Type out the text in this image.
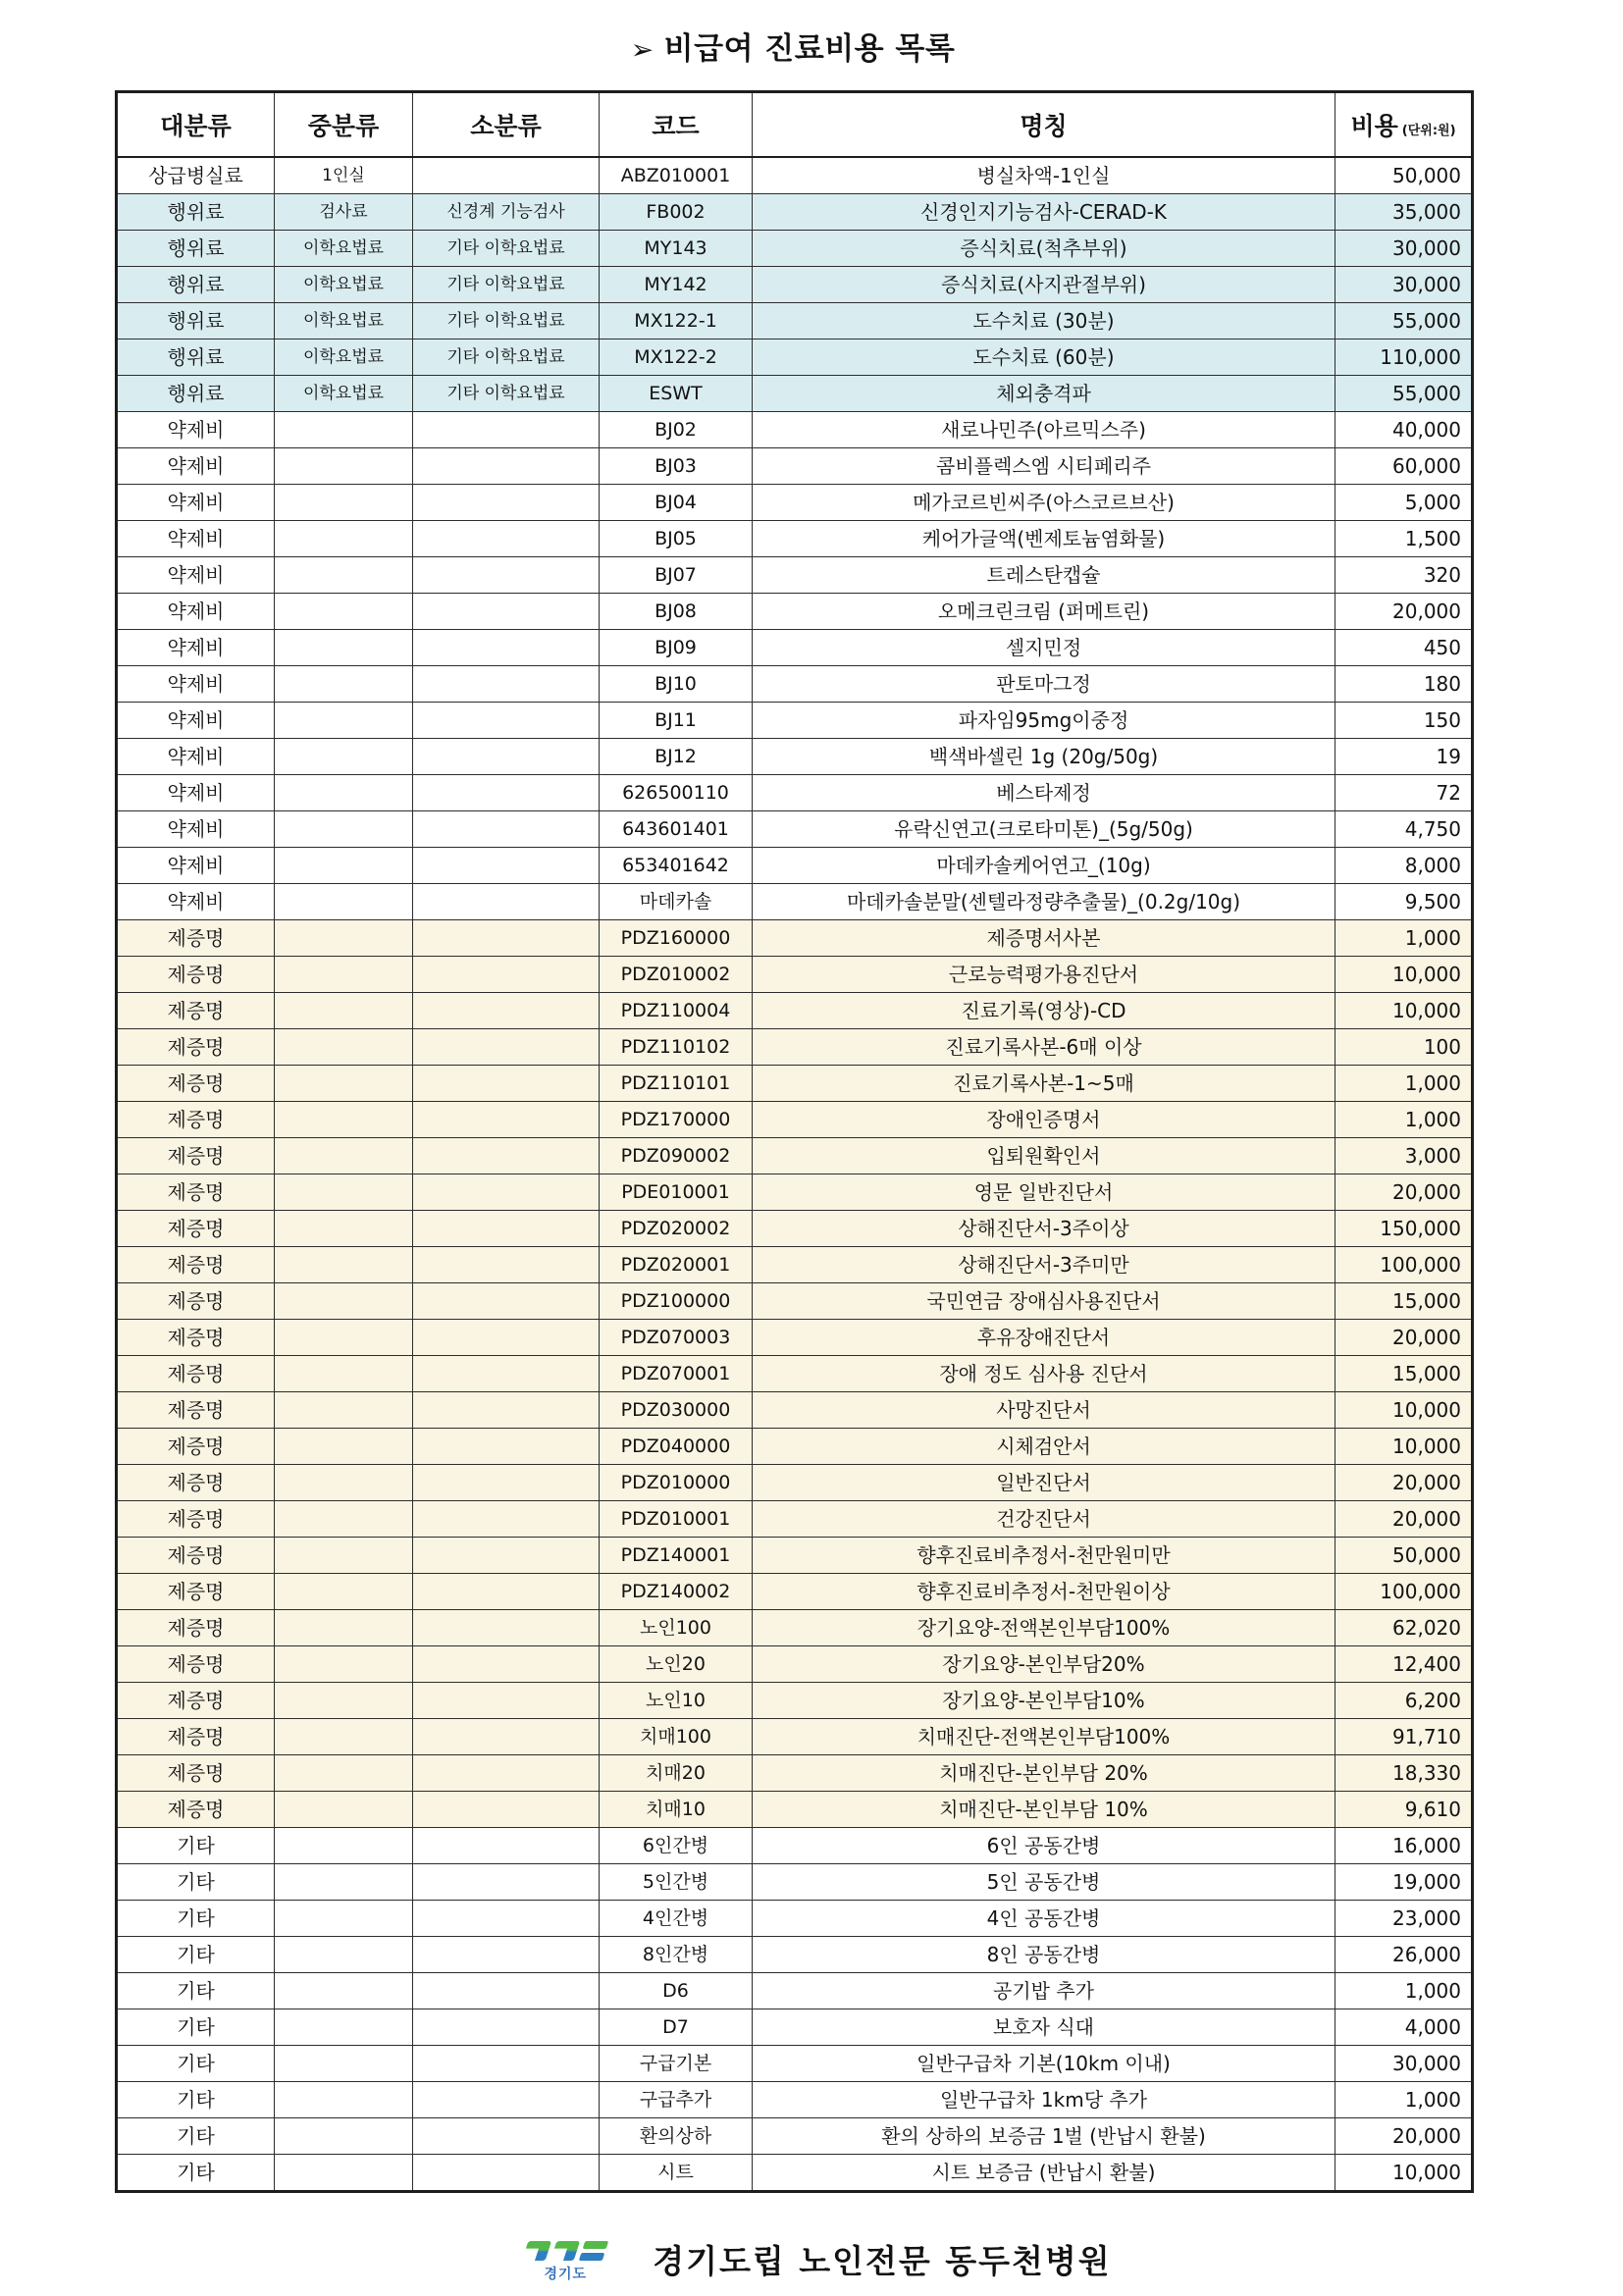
➢ 비급여 진료비용 목록
대분류	중분류	소분류	코드	명칭	비용 (단위:원)
상급병실료	1인실		ABZ010001	병실차액-1인실	50,000
행위료	검사료	신경계 기능검사	FB002	신경인지기능검사-CERAD-K	35,000
행위료	이학요법료	기타 이학요법료	MY143	증식치료(척추부위)	30,000
행위료	이학요법료	기타 이학요법료	MY142	증식치료(사지관절부위)	30,000
행위료	이학요법료	기타 이학요법료	MX122-1	도수치료 (30분)	55,000
행위료	이학요법료	기타 이학요법료	MX122-2	도수치료 (60분)	110,000
행위료	이학요법료	기타 이학요법료	ESWT	체외충격파	55,000
약제비			BJ02	새로나민주(아르믹스주)	40,000
약제비			BJ03	콤비플렉스엠 시티페리주	60,000
약제비			BJ04	메가코르빈씨주(아스코르브산)	5,000
약제비			BJ05	케어가글액(벤제토늄염화물)	1,500
약제비			BJ07	트레스탄캡슐	320
약제비			BJ08	오메크린크림 (퍼메트린)	20,000
약제비			BJ09	셀지민정	450
약제비			BJ10	판토마그정	180
약제비			BJ11	파자임95mg이중정	150
약제비			BJ12	백색바셀린 1g (20g/50g)	19
약제비			626500110	베스타제정	72
약제비			643601401	유락신연고(크로타미톤)_(5g/50g)	4,750
약제비			653401642	마데카솔케어연고_(10g)	8,000
약제비			마데카솔	마데카솔분말(센텔라정량추출물)_(0.2g/10g)	9,500
제증명			PDZ160000	제증명서사본	1,000
제증명			PDZ010002	근로능력평가용진단서	10,000
제증명			PDZ110004	진료기록(영상)-CD	10,000
제증명			PDZ110102	진료기록사본-6매 이상	100
제증명			PDZ110101	진료기록사본-1~5매	1,000
제증명			PDZ170000	장애인증명서	1,000
제증명			PDZ090002	입퇴원확인서	3,000
제증명			PDE010001	영문 일반진단서	20,000
제증명			PDZ020002	상해진단서-3주이상	150,000
제증명			PDZ020001	상해진단서-3주미만	100,000
제증명			PDZ100000	국민연금 장애심사용진단서	15,000
제증명			PDZ070003	후유장애진단서	20,000
제증명			PDZ070001	장애 정도 심사용 진단서	15,000
제증명			PDZ030000	사망진단서	10,000
제증명			PDZ040000	시체검안서	10,000
제증명			PDZ010000	일반진단서	20,000
제증명			PDZ010001	건강진단서	20,000
제증명			PDZ140001	향후진료비추정서-천만원미만	50,000
제증명			PDZ140002	향후진료비추정서-천만원이상	100,000
제증명			노인100	장기요양-전액본인부담100%	62,020
제증명			노인20	장기요양-본인부담20%	12,400
제증명			노인10	장기요양-본인부담10%	6,200
제증명			치매100	치매진단-전액본인부담100%	91,710
제증명			치매20	치매진단-본인부담 20%	18,330
제증명			치매10	치매진단-본인부담 10%	9,610
기타			6인간병	6인 공동간병	16,000
기타			5인간병	5인 공동간병	19,000
기타			4인간병	4인 공동간병	23,000
기타			8인간병	8인 공동간병	26,000
기타			D6	공기밥 추가	1,000
기타			D7	보호자 식대	4,000
기타			구급기본	일반구급차 기본(10km 이내)	30,000
기타			구급추가	일반구급차 1km당 추가	1,000
기타			환의상하	환의 상하의 보증금 1벌 (반납시 환불)	20,000
기타			시트	시트 보증금 (반납시 환불)	10,000
경기도 경기도립 노인전문 동두천병원
